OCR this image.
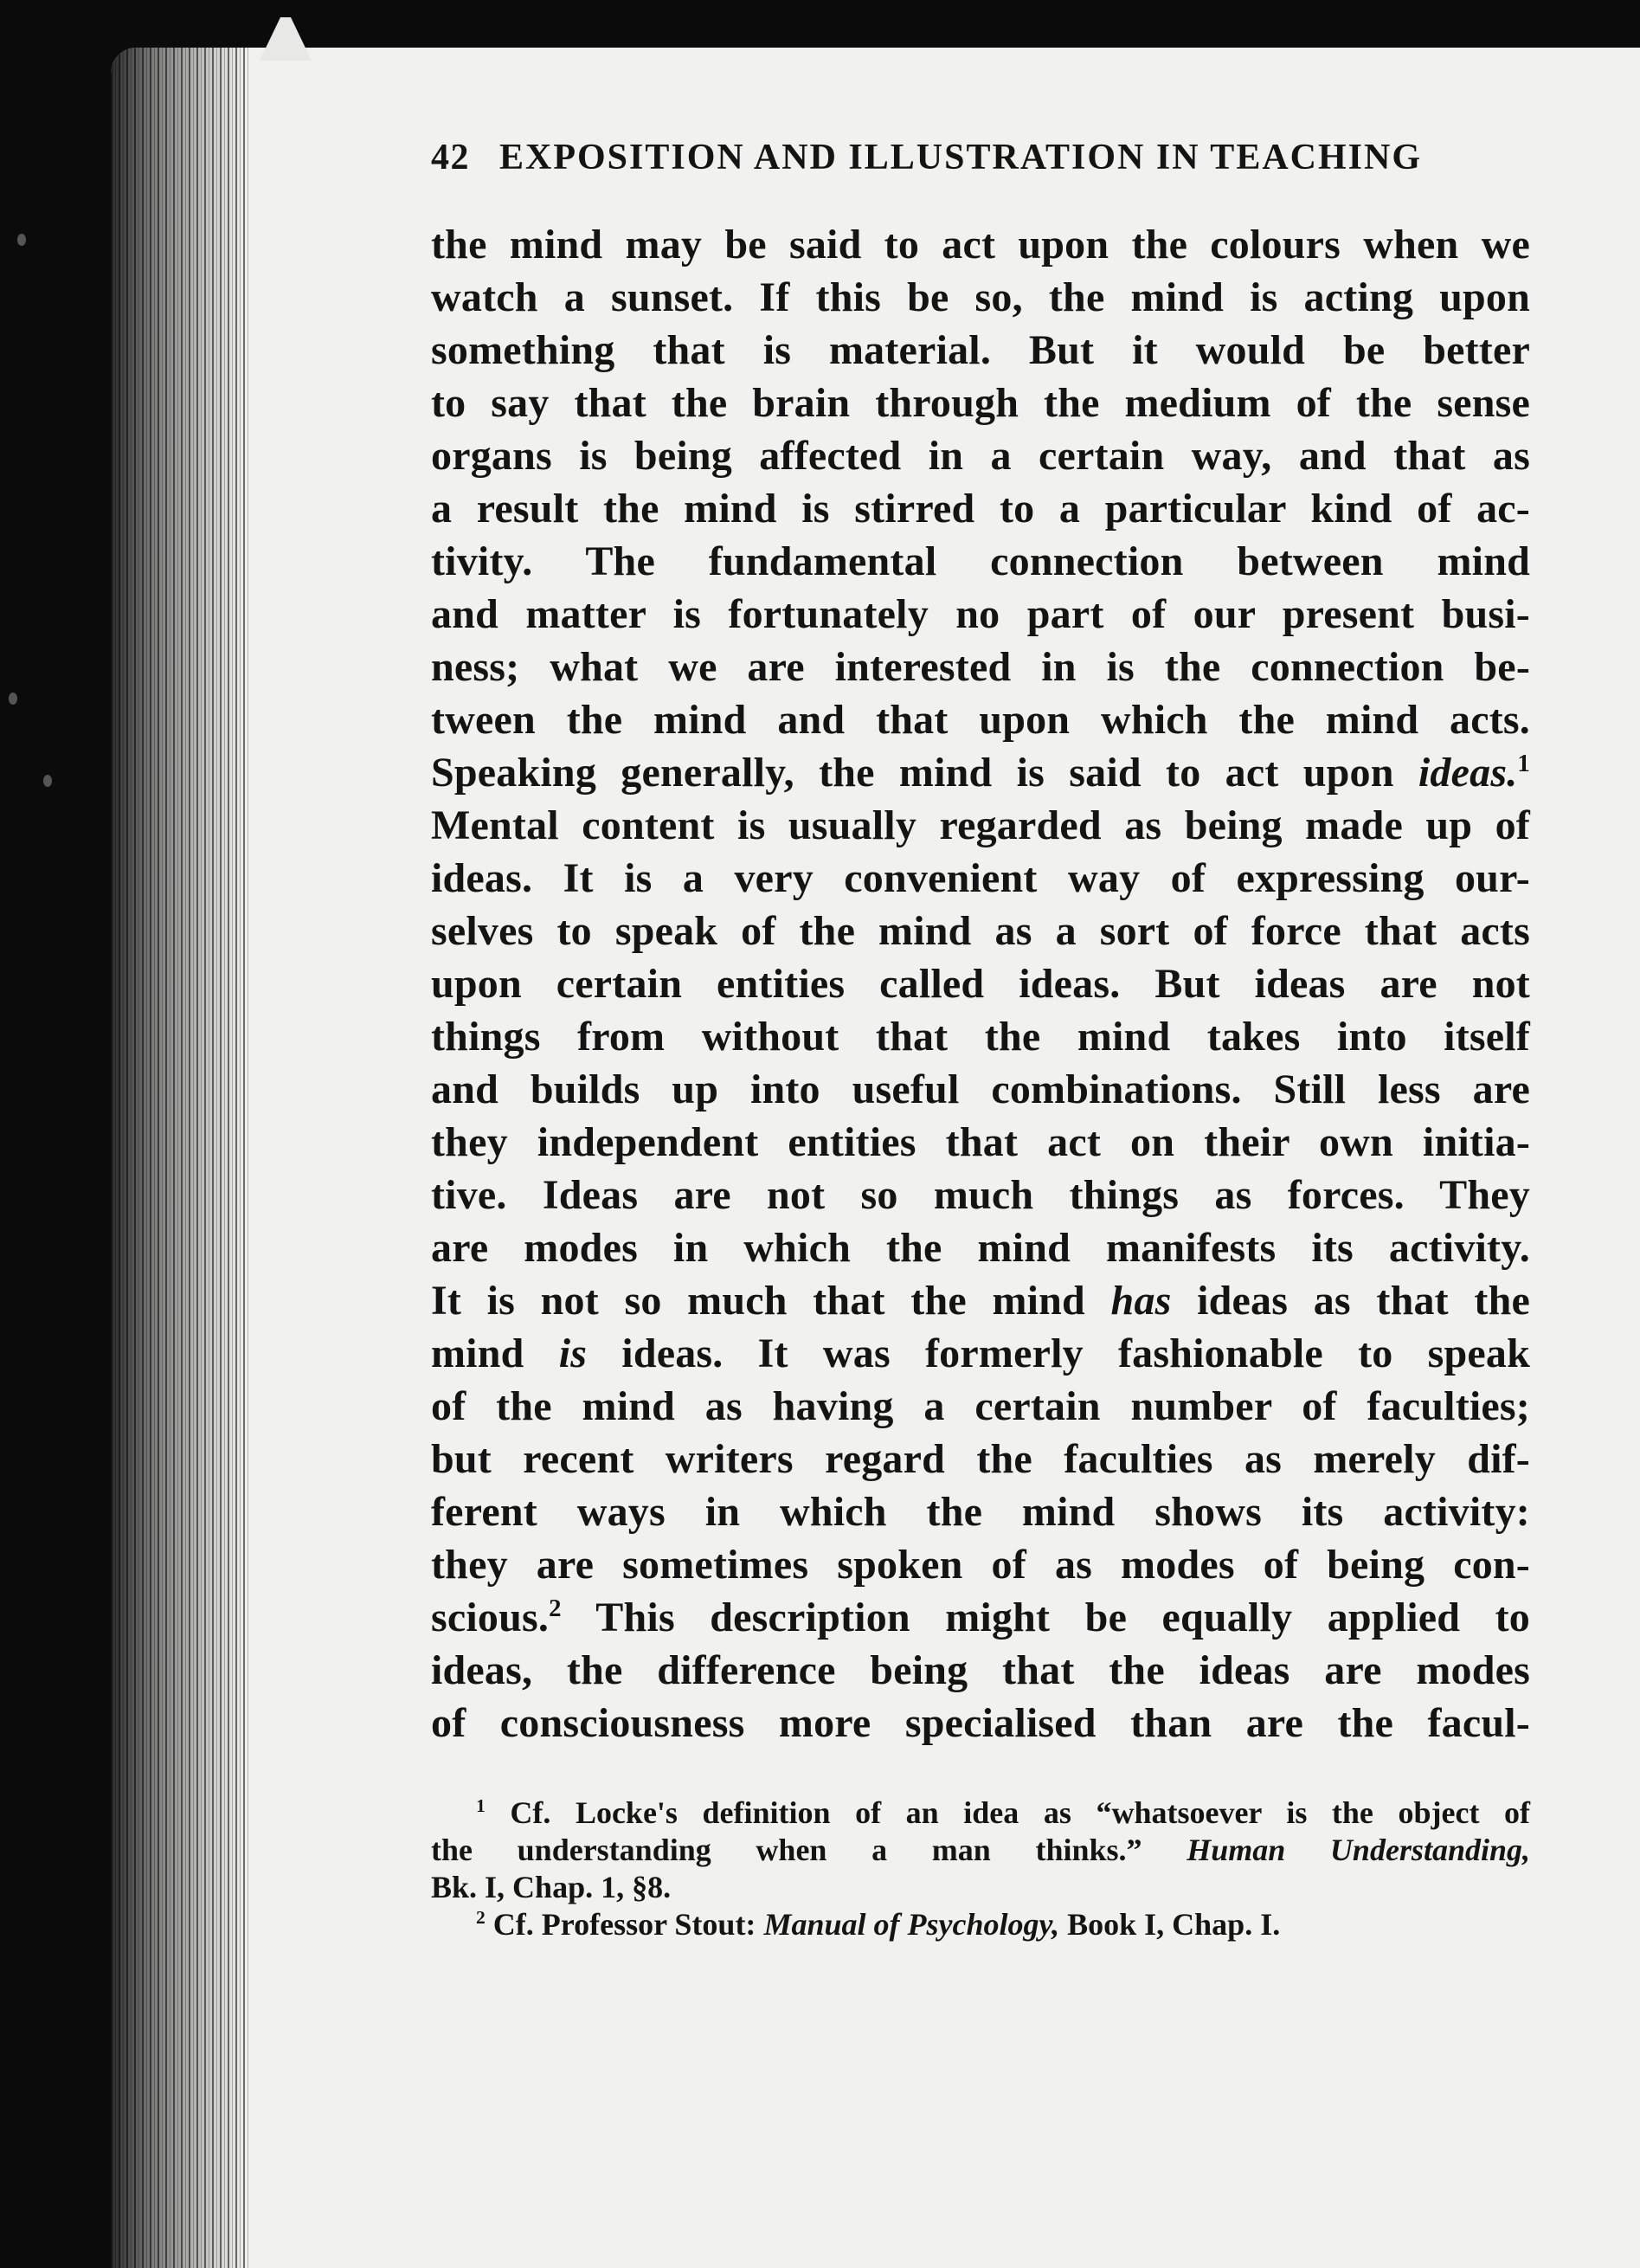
42 EXPOSITION AND ILLUSTRATION IN TEACHING
the mind may be said to act upon the colours when we
watch a sunset. If this be so, the mind is acting upon
something that is material. But it would be better
to say that the brain through the medium of the sense
organs is being affected in a certain way, and that as
a result the mind is stirred to a particular kind of ac-
tivity. The fundamental connection between mind
and matter is fortunately no part of our present busi-
ness; what we are interested in is the connection be-
tween the mind and that upon which the mind acts.
Speaking generally, the mind is said to act upon ideas.$^1$
Mental content is usually regarded as being made up of
ideas. It is a very convenient way of expressing our-
selves to speak of the mind as a sort of force that acts
upon certain entities called ideas. But ideas are not
things from without that the mind takes into itself
and builds up into useful combinations. Still less are
they independent entities that act on their own initia-
tive. Ideas are not so much things as forces. They
are modes in which the mind manifests its activity.
It is not so much that the mind has ideas as that the
mind is ideas. It was formerly fashionable to speak
of the mind as having a certain number of faculties;
but recent writers regard the faculties as merely dif-
ferent ways in which the mind shows its activity:
they are sometimes spoken of as modes of being con-
scious.$^2$ This description might be equally applied to
ideas, the difference being that the ideas are modes
of consciousness more specialised than are the facul-
$^1$ Cf. Locke's definition of an idea as “whatsoever is the object of
the understanding when a man thinks.” Human Understanding,
Bk. I, Chap. 1, §8.
$^2$ Cf. Professor Stout: Manual of Psychology, Book I, Chap. I.
